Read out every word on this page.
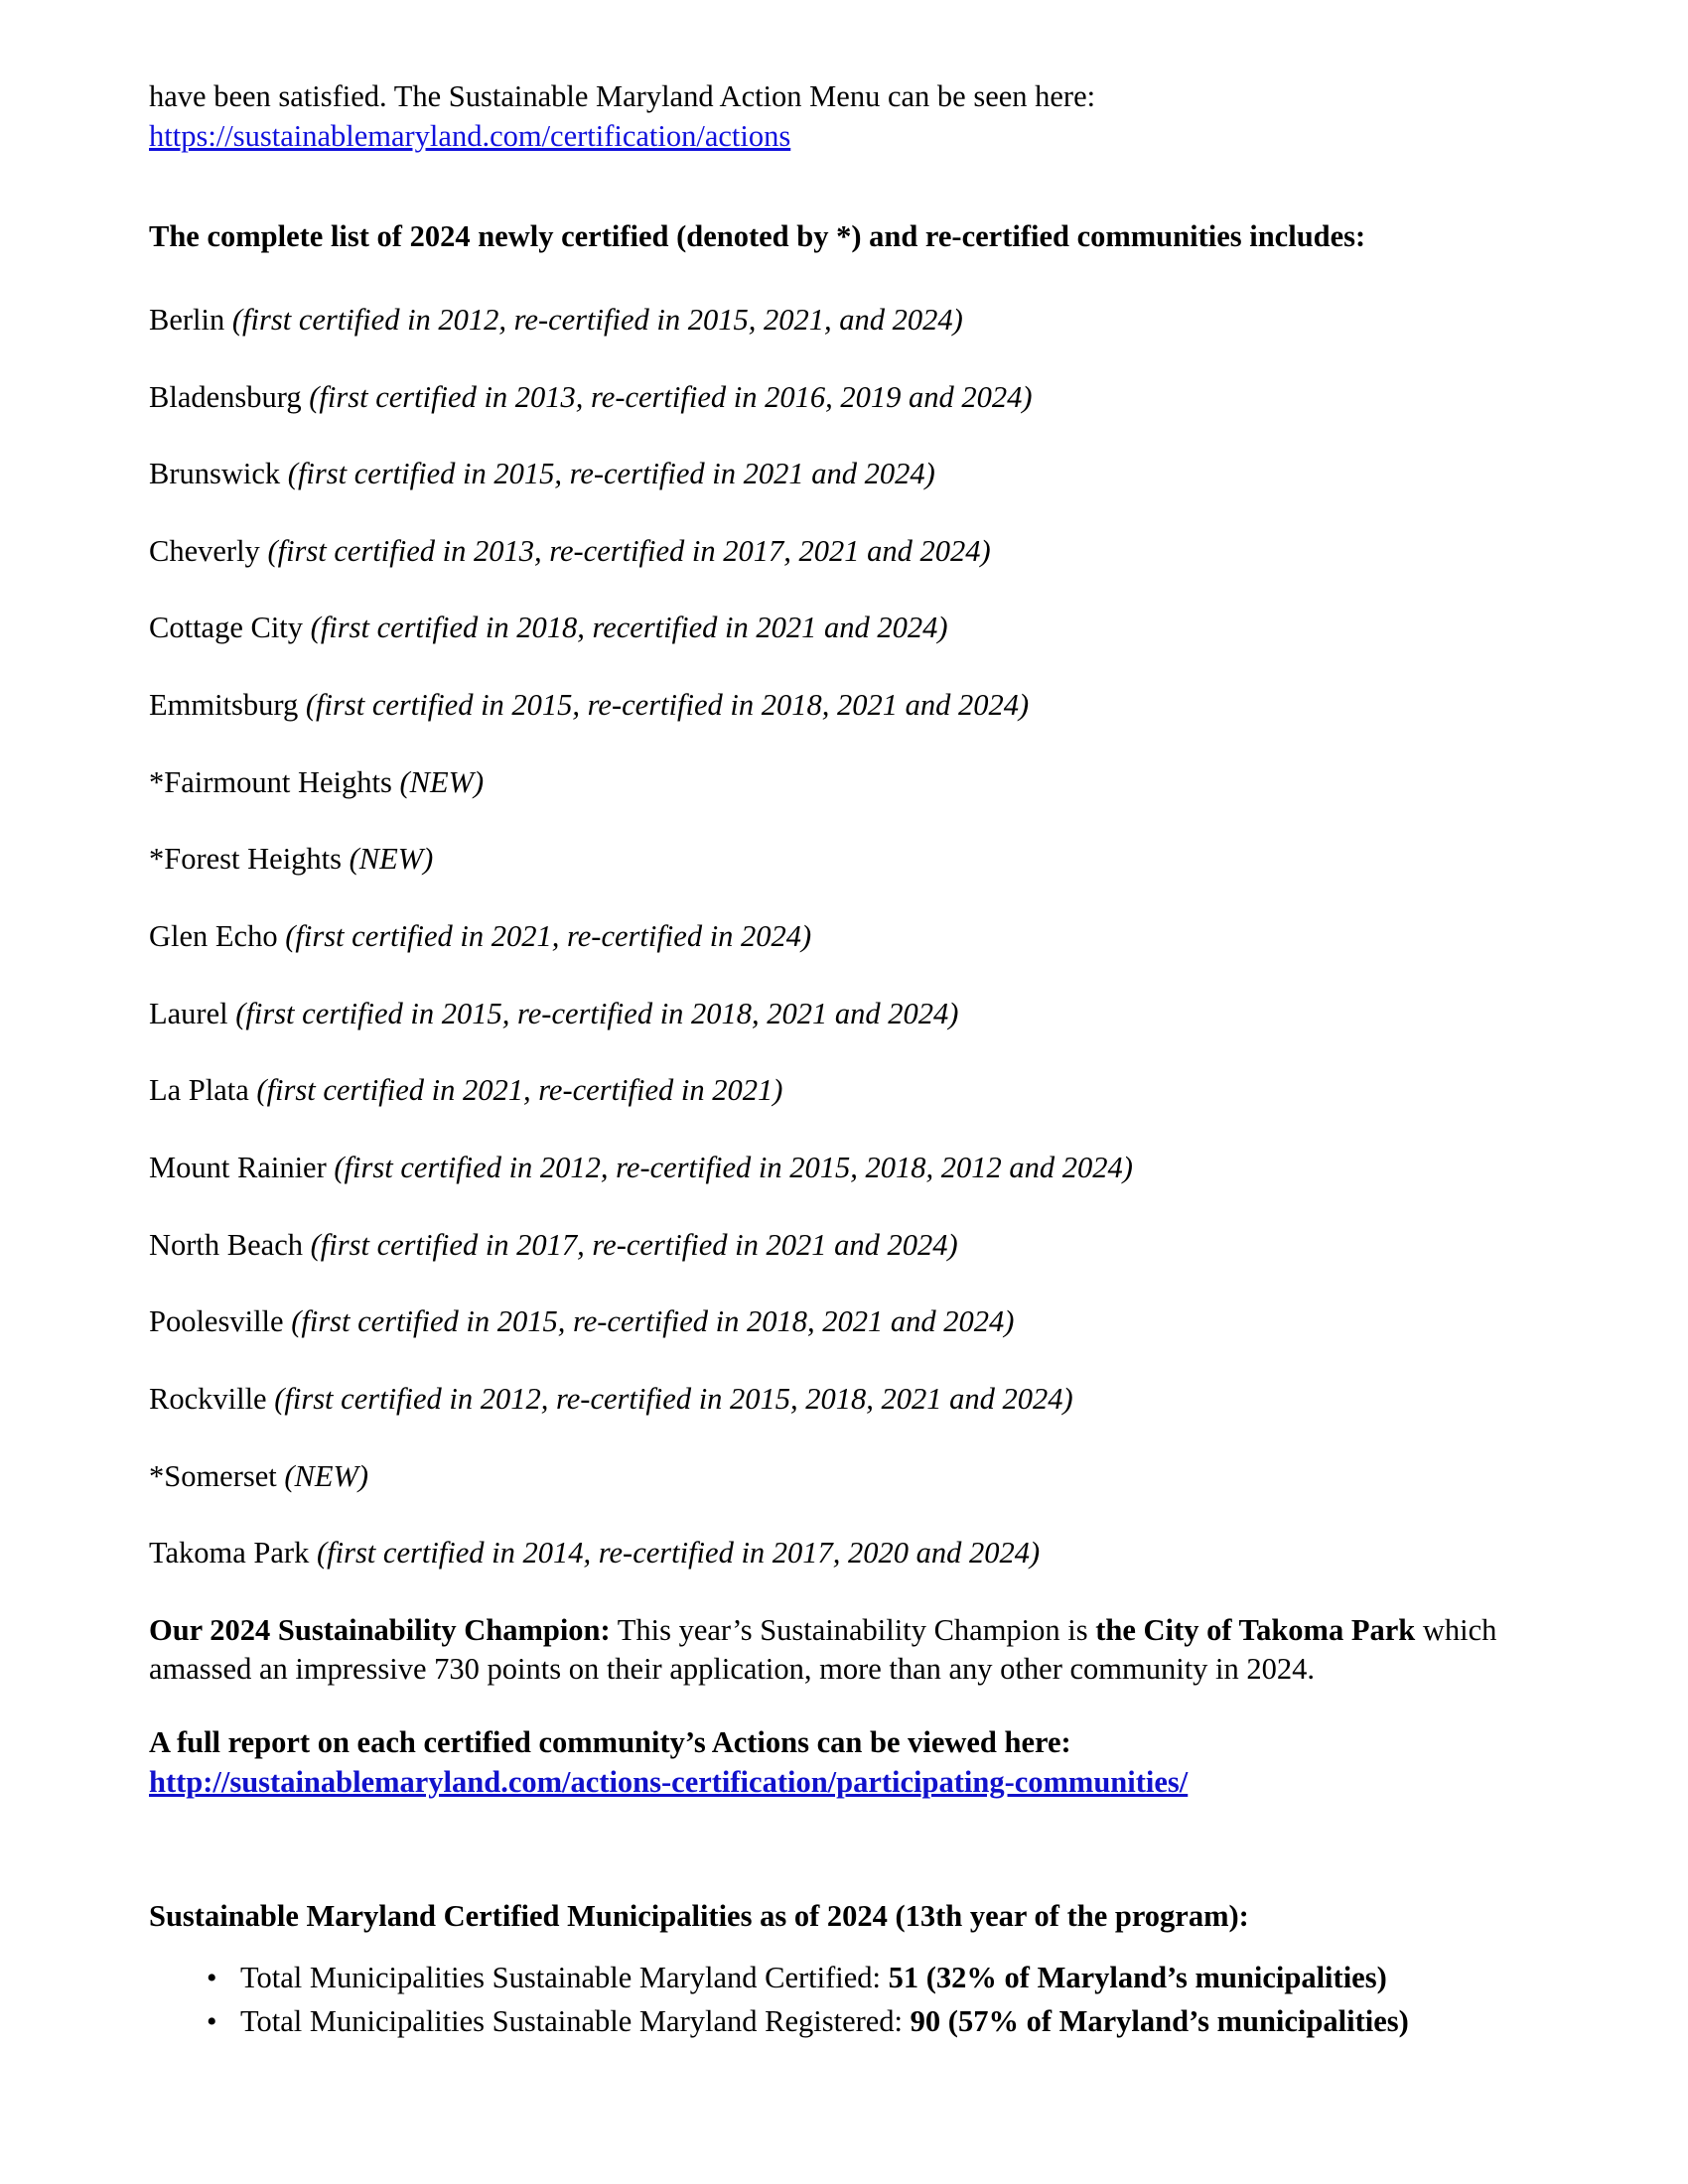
have been satisfied. The Sustainable Maryland Action Menu can be seen here:

https://sustainablemaryland.com/certification/actions

The complete list of 2024 newly certified (denoted by *) and re-certified communities includes:

Berlin (first certified in 2012, re-certified in 2015, 2021, and 2024)

Bladensburg (first certified in 2013, re-certified in 2016, 2019 and 2024)

Brunswick (first certified in 2015, re-certified in 2021 and 2024)

Cheverly (first certified in 2013, re-certified in 2017, 2021 and 2024)

Cottage City (first certified in 2018, recertified in 2021 and 2024)

Emmitsburg (first certified in 2015, re-certified in 2018, 2021 and 2024)

*Fairmount Heights (NEW)

*Forest Heights (NEW)

Glen Echo (first certified in 2021, re-certified in 2024)

Laurel (first certified in 2015, re-certified in 2018, 2021 and 2024)

La Plata (first certified in 2021, re-certified in 2021)

Mount Rainier (first certified in 2012, re-certified in 2015, 2018, 2012 and 2024)

North Beach (first certified in 2017, re-certified in 2021 and 2024)

Poolesville (first certified in 2015, re-certified in 2018, 2021 and 2024)

Rockville (first certified in 2012, re-certified in 2015, 2018, 2021 and 2024)

*Somerset (NEW)

Takoma Park (first certified in 2014, re-certified in 2017, 2020 and 2024)

Our 2024 Sustainability Champion: This year’s Sustainability Champion is the City of Takoma Park which amassed an impressive 730 points on their application, more than any other community in 2024.

A full report on each certified community’s Actions can be viewed here:

http://sustainablemaryland.com/actions-certification/participating-communities/

Sustainable Maryland Certified Municipalities as of 2024 (13th year of the program):

• Total Municipalities Sustainable Maryland Certified: 51 (32% of Maryland’s municipalities)
• Total Municipalities Sustainable Maryland Registered: 90 (57% of Maryland’s municipalities)
